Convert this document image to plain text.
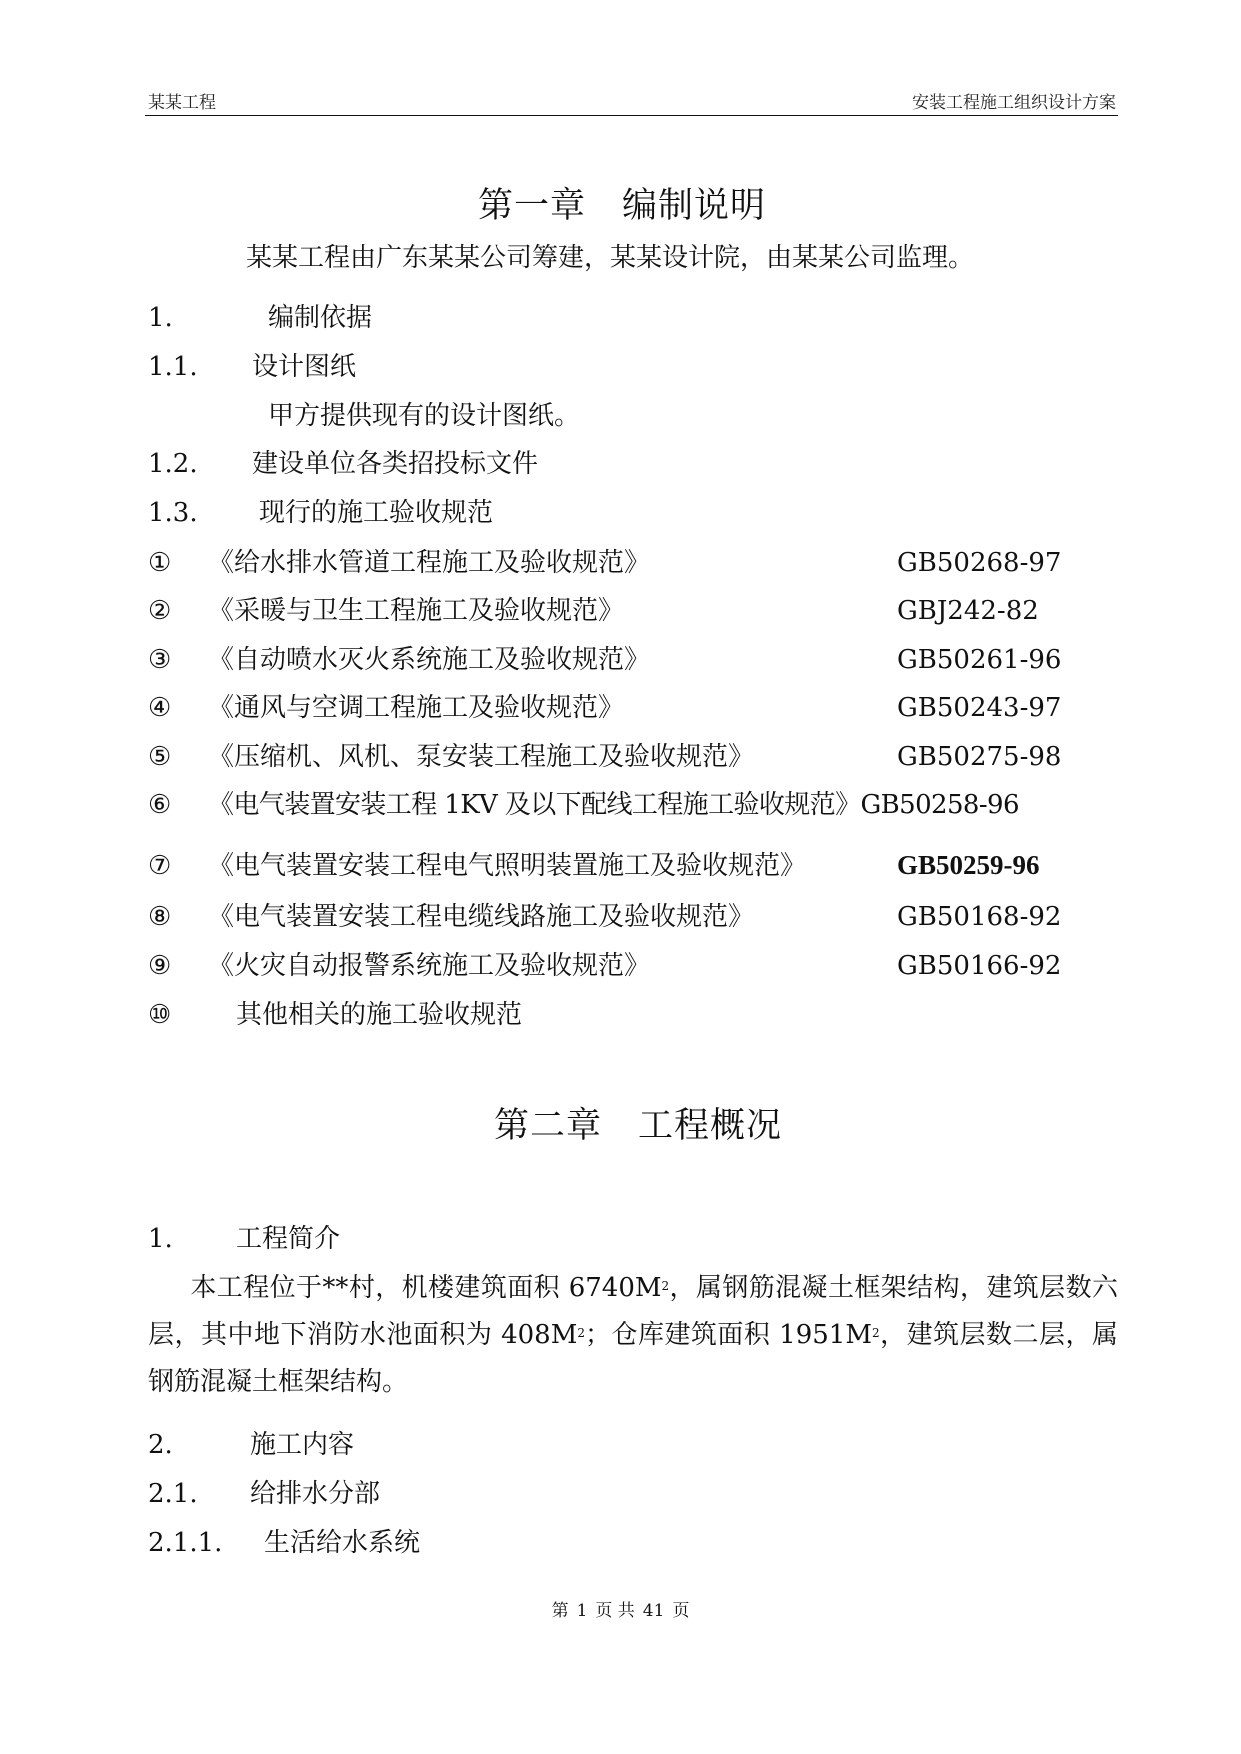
某某工程	安装工程施工组织设计方案
第一章　编制说明
某某工程由广东某某公司筹建，某某设计院，由某某公司监理。
1.	编制依据
1.1. 设计图纸
甲方提供现有的设计图纸。
1.2. 建设单位各类招投标文件
1.3. 现行的施工验收规范
① 《给水排水管道工程施工及验收规范》	GB50268-97
② 《采暖与卫生工程施工及验收规范》	GBJ242-82
③ 《自动喷水灭火系统施工及验收规范》	GB50261-96
④ 《通风与空调工程施工及验收规范》	GB50243-97
⑤ 《压缩机、风机、泵安装工程施工及验收规范》	GB50275-98
⑥ 《电气装置安装工程 1KV 及以下配线工程施工验收规范》GB50258-96
⑦ 《电气装置安装工程电气照明装置施工及验收规范》	GB50259-96
⑧ 《电气装置安装工程电缆线路施工及验收规范》	GB50168-92
⑨ 《火灾自动报警系统施工及验收规范》	GB50166-92
⑩ 其他相关的施工验收规范
第二章　工程概况
1. 工程简介
本工程位于**村，机楼建筑面积 $6740M^2$，属钢筋混凝土框架结构，建筑层数六层，其中地下消防水池面积为 $408M^2$；仓库建筑面积 $1951M^2$，建筑层数二层，属钢筋混凝土框架结构。
2.	施工内容
2.1. 给排水分部
2.1.1. 生活给水系统
第 1 页 共 41 页
